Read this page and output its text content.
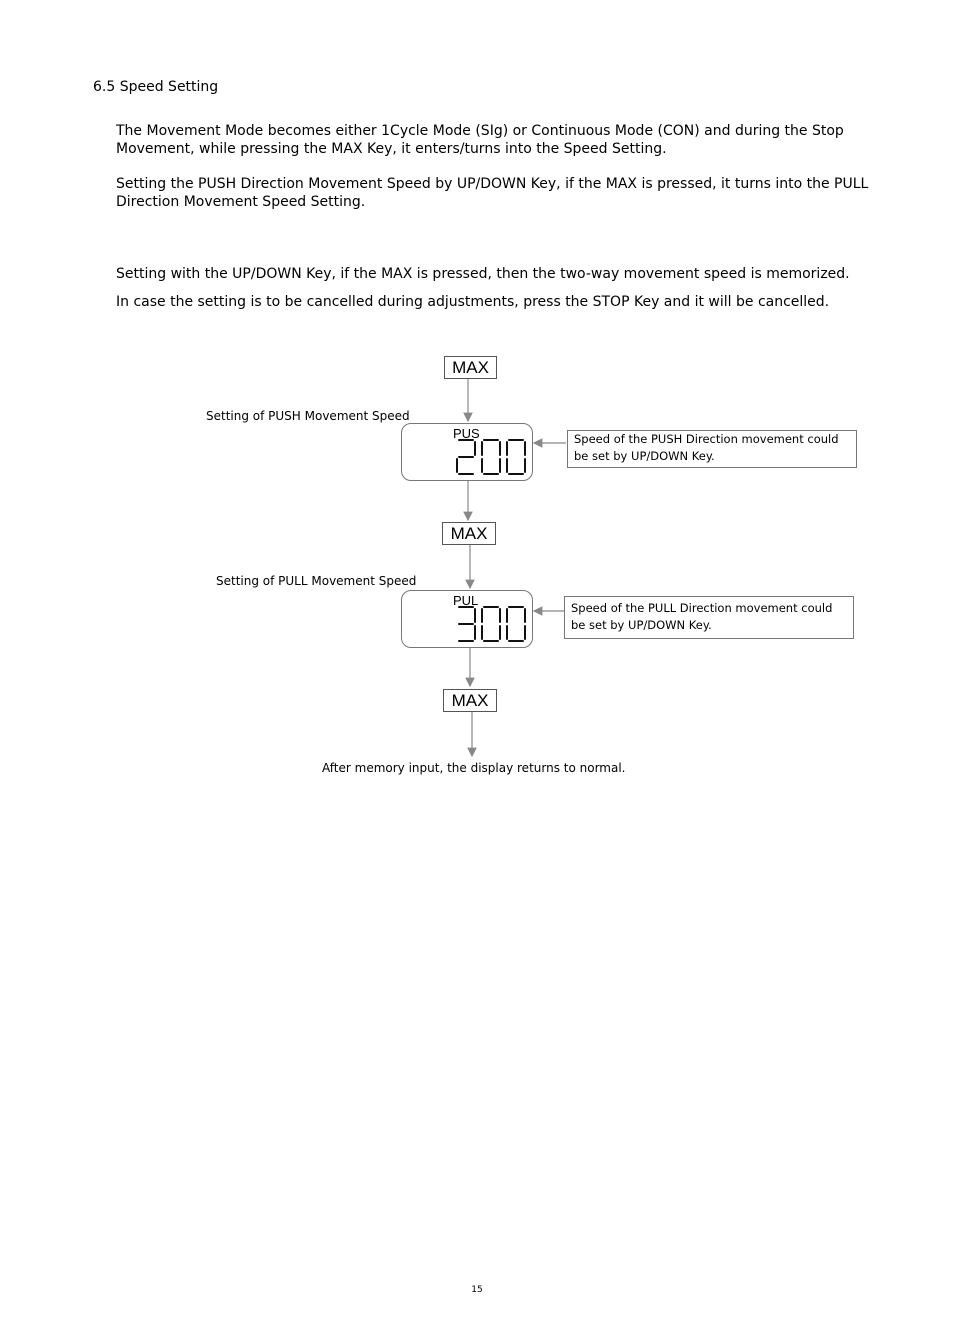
6.5 Speed Setting
The Movement Mode becomes either 1Cycle Mode (SIg) or Continuous Mode (CON) and during the Stop Movement, while pressing the MAX Key, it enters/turns into the Speed Setting.
Setting the PUSH Direction Movement Speed by UP/DOWN Key, if the MAX is pressed, it turns into the PULL Direction Movement Speed Setting.
Setting with the UP/DOWN Key, if the MAX is pressed, then the two-way movement speed is memorized.
In case the setting is to be cancelled during adjustments, press the STOP Key and it will be cancelled.
MAX
Setting of PUSH Movement Speed
PUS	Speed of the PUSH Direction movement could be set by UP/DOWN Key.
MAX
Setting of PULL Movement Speed
PUL	Speed of the PULL Direction movement could be set by UP/DOWN Key.
MAX
After memory input, the display returns to normal.
15
